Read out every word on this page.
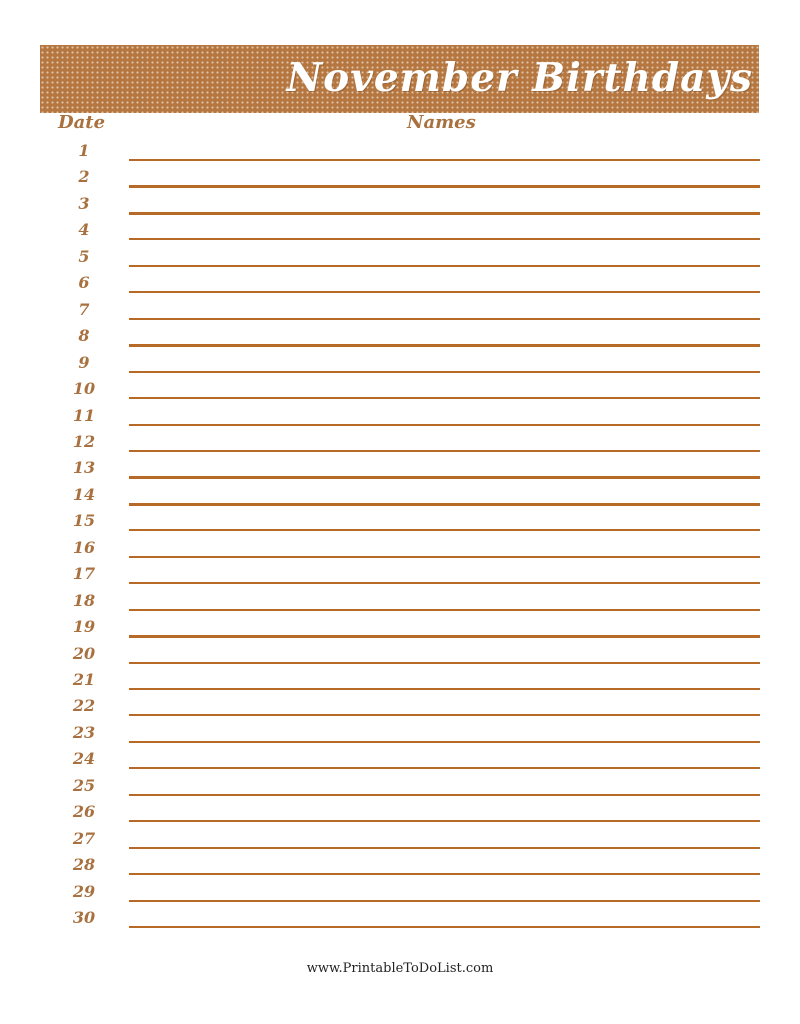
November Birthdays
Date	Names
1
2
3
4
5
6
7
8
9
10
11
12
13
14
15
16
17
18
19
20
21
22
23
24
25
26
27
28
29
30
www.PrintableToDoList.com
